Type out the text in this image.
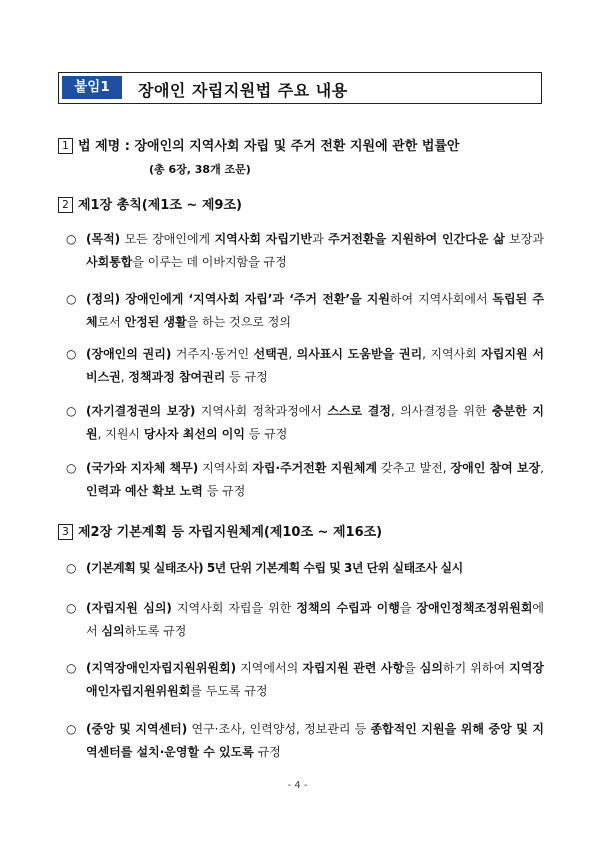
붙임1	장애인 자립지원법 주요 내용
1 법 제명 : 장애인의 지역사회 자립 및 주거 전환 지원에 관한 법률안
(총 6장, 38개 조문)
2 제1장 총칙(제1조 ~ 제9조)
○ (목적) 모든 장애인에게 지역사회 자립기반과 주거전환을 지원하여 인간다운 삶 보장과 사회통합을 이루는 데 이바지함을 규정
○ (정의) 장애인에게 ‘지역사회 자립’과 ‘주거 전환’을 지원하여 지역사회에서 독립된 주체로서 안정된 생활을 하는 것으로 정의
○ (장애인의 권리) 거주지·동거인 선택권, 의사표시 도움받을 권리, 지역사회 자립지원 서비스권, 정책과정 참여권리 등 규정
○ (자기결정권의 보장) 지역사회 정착과정에서 스스로 결정, 의사결정을 위한 충분한 지원, 지원시 당사자 최선의 이익 등 규정
○ (국가와 지자체 책무) 지역사회 자립·주거전환 지원체계 갖추고 발전, 장애인 참여 보장, 인력과 예산 확보 노력 등 규정
3 제2장 기본계획 등 자립지원체계(제10조 ~ 제16조)
○ (기본계획 및 실태조사) 5년 단위 기본계획 수립 및 3년 단위 실태조사 실시
○ (자립지원 심의) 지역사회 자립을 위한 정책의 수립과 이행을 장애인정책조정위원회에서 심의하도록 규정
○ (지역장애인자립지원위원회) 지역에서의 자립지원 관련 사항을 심의하기 위하여 지역장애인자립지원위원회를 두도록 규정
○ (중앙 및 지역센터) 연구·조사, 인력양성, 정보관리 등 종합적인 지원을 위해 중앙 및 지역센터를 설치·운영할 수 있도록 규정
- 4 -
